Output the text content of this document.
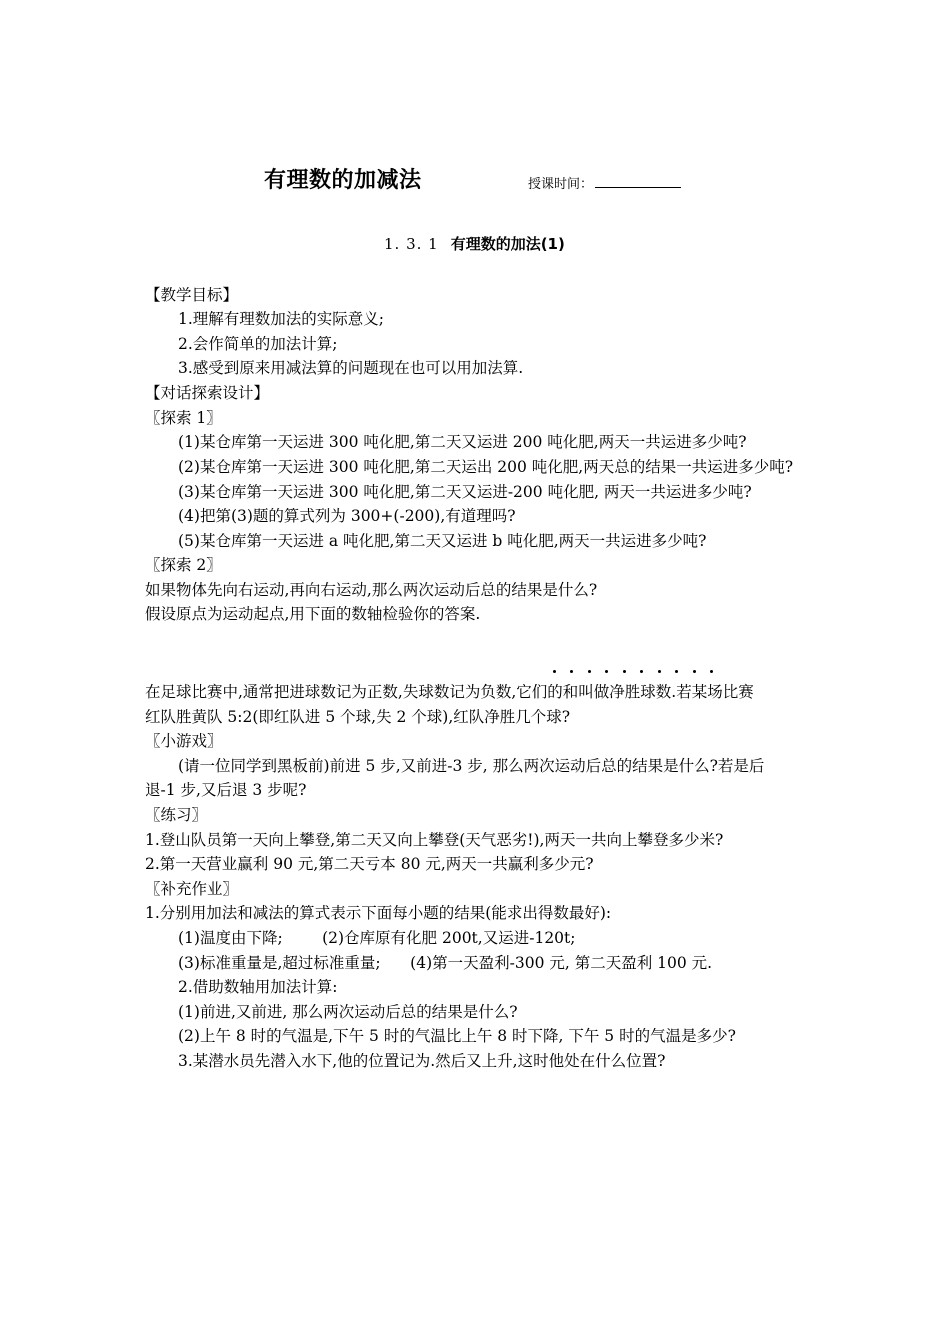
有理数的加减法	授课时间：
1. 3. 1 有理数的加法(1)
【教学目标】
1.理解有理数加法的实际意义;
2.会作简单的加法计算;
3.感受到原来用减法算的问题现在也可以用加法算.
【对话探索设计】
〖探索 1〗
(1)某仓库第一天运进 300 吨化肥,第二天又运进 200 吨化肥,两天一共运进多少吨?
(2)某仓库第一天运进 300 吨化肥,第二天运出 200 吨化肥,两天总的结果一共运进多少吨?
(3)某仓库第一天运进 300 吨化肥,第二天又运进-200 吨化肥, 两天一共运进多少吨?
(4)把第(3)题的算式列为 300+(-200),有道理吗?
(5)某仓库第一天运进 a 吨化肥,第二天又运进 b 吨化肥,两天一共运进多少吨?
〖探索 2〗
如果物体先向右运动,再向右运动,那么两次运动后总的结果是什么?
假设原点为运动起点,用下面的数轴检验你的答案.
在足球比赛中,通常把进球数记为正数,失球数记为负数,它们的和叫做净胜球数.若某场比赛
红队胜黄队 5:2(即红队进 5 个球,失 2 个球),红队净胜几个球?
〖小游戏〗
(请一位同学到黑板前)前进 5 步,又前进-3 步, 那么两次运动后总的结果是什么?若是后
退-1 步,又后退 3 步呢?
〖练习〗
1.登山队员第一天向上攀登,第二天又向上攀登(天气恶劣!),两天一共向上攀登多少米?
2.第一天营业赢利 90 元,第二天亏本 80 元,两天一共赢利多少元?
〖补充作业〗
1.分别用加法和减法的算式表示下面每小题的结果(能求出得数最好):
(1)温度由下降;        (2)仓库原有化肥 200t,又运进-120t;
(3)标准重量是,超过标准重量;      (4)第一天盈利-300 元, 第二天盈利 100 元.
2.借助数轴用加法计算:
(1)前进,又前进, 那么两次运动后总的结果是什么?
(2)上午 8 时的气温是,下午 5 时的气温比上午 8 时下降, 下午 5 时的气温是多少?
3.某潜水员先潜入水下,他的位置记为.然后又上升,这时他处在什么位置?
